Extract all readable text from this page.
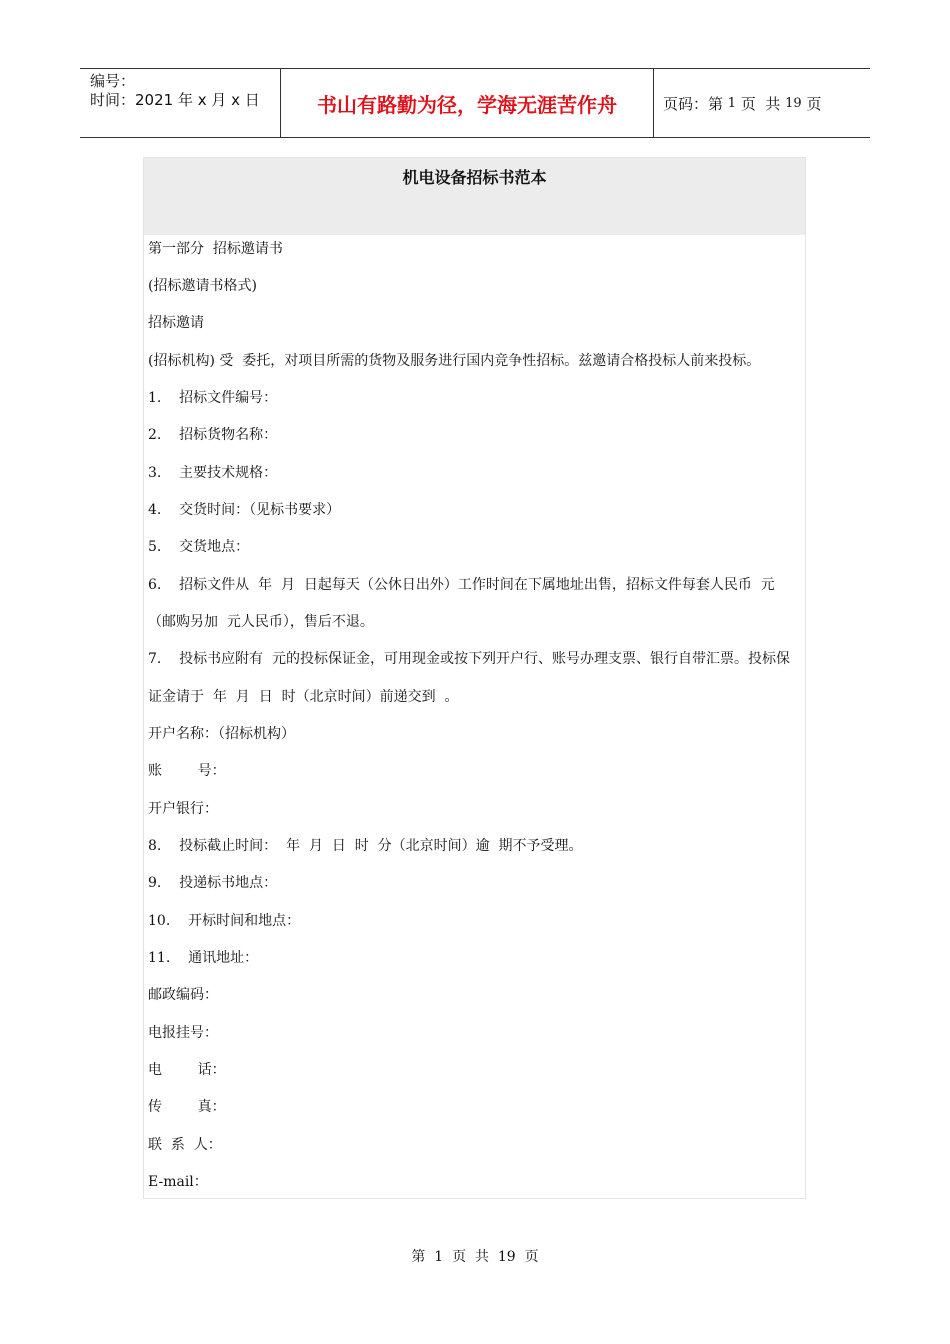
编号：
时间：2021 年 x 月 x 日	书山有路勤为径，学海无涯苦作舟	页码：第 1 页  共 19 页
机电设备招标书范本
第一部分  招标邀请书
(招标邀请书格式)
招标邀请
(招标机构) 受  委托，对项目所需的货物及服务进行国内竞争性招标。兹邀请合格投标人前来投标。
1.    招标文件编号：
2.    招标货物名称：
3.    主要技术规格：
4.    交货时间：（见标书要求）
5.    交货地点：
6.    招标文件从  年  月  日起每天（公休日出外）工作时间在下属地址出售，招标文件每套人民币  元
（邮购另加  元人民币），售后不退。
7.    投标书应附有  元的投标保证金，可用现金或按下列开户行、账号办理支票、银行自带汇票。投标保
证金请于  年  月  日  时（北京时间）前递交到  。
开户名称：（招标机构）
账        号：
开户银行：
8.    投标截止时间：  年  月  日  时  分（北京时间）逾  期不予受理。
9.    投递标书地点：
10.    开标时间和地点：
11.    通讯地址：
邮政编码：
电报挂号：
电        话：
传        真：
联  系  人：
E-mail：
第  1  页  共  19  页
